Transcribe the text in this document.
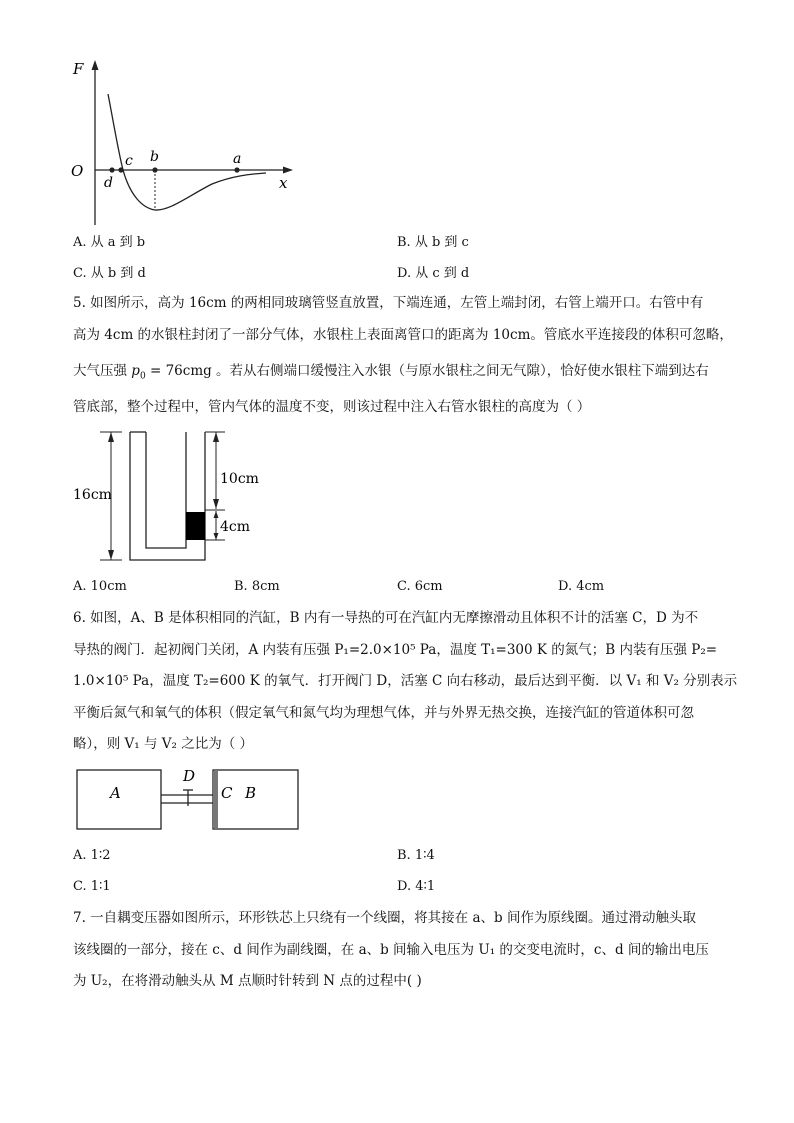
F
O
x
d
c b	a
A. 从 a 到 b	B. 从 b 到 c
C. 从 b 到 d	D. 从 c 到 d
5. 如图所示，高为 16cm 的两相同玻璃管竖直放置，下端连通，左管上端封闭，右管上端开口。右管中有
高为 4cm 的水银柱封闭了一部分气体，水银柱上表面离管口的距离为 10cm。管底水平连接段的体积可忽略，
大气压强 $p_0 = 76cmg$ 。若从右侧端口缓慢注入水银（与原水银柱之间无气隙），恰好使水银柱下端到达右
管底部，整个过程中，管内气体的温度不变，则该过程中注入右管水银柱的高度为（ ）
16cm
10cm
4cm
A. 10cm	B. 8cm	C. 6cm	D. 4cm
6. 如图，A、B 是体积相同的汽缸，B 内有一导热的可在汽缸内无摩擦滑动且体积不计的活塞 C，D 为不
导热的阀门．起初阀门关闭，A 内装有压强 P₁=2.0×10⁵ Pa，温度 T₁=300 K 的氮气；B 内装有压强 P₂=
1.0×10⁵ Pa，温度 T₂=600 K 的氧气．打开阀门 D，活塞 C 向右移动，最后达到平衡．以 V₁ 和 V₂ 分别表示
平衡后氮气和氧气的体积（假定氧气和氮气均为理想气体，并与外界无热交换，连接汽缸的管道体积可忽
略），则 V₁ 与 V₂ 之比为（ ）
A
D
C B
A. 1∶2	B. 1∶4
C. 1∶1	D. 4∶1
7. 一自耦变压器如图所示，环形铁芯上只绕有一个线圈，将其接在 a、b 间作为原线圈。通过滑动触头取
该线圈的一部分，接在 c、d 间作为副线圈，在 a、b 间输入电压为 U₁ 的交变电流时，c、d 间的输出电压
为 U₂，在将滑动触头从 M 点顺时针转到 N 点的过程中( )
